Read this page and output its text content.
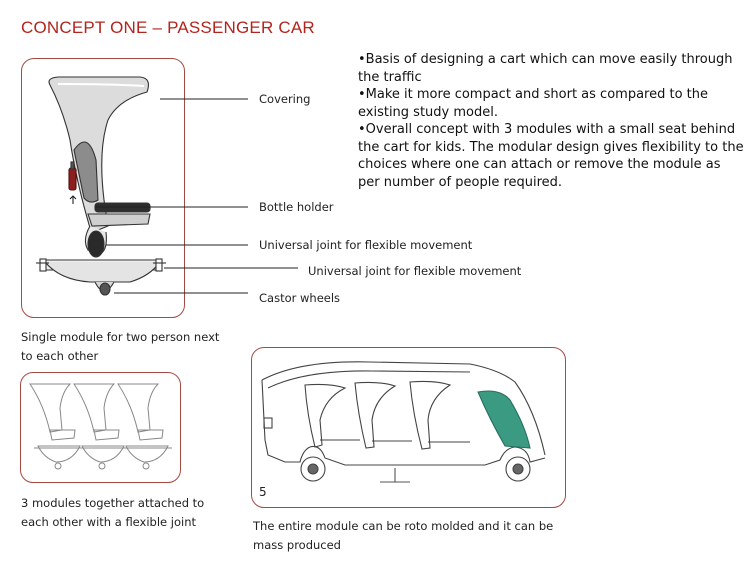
CONCEPT ONE – PASSENGER CAR
•Basis of designing a cart which can move easily through the traffic
•Make it more compact and short as compared to the existing study model.
•Overall concept with 3 modules with a small seat behind the cart for kids. The modular design gives flexibility to the choices where one can attach or remove the module as per number of people required.
Covering
Bottle holder
Universal joint for flexible movement
Universal joint for flexible movement
Castor wheels
Single module for two person next to each other
3 modules together attached to each other with a flexible joint	The entire module can be roto molded and it can be mass produced
5
